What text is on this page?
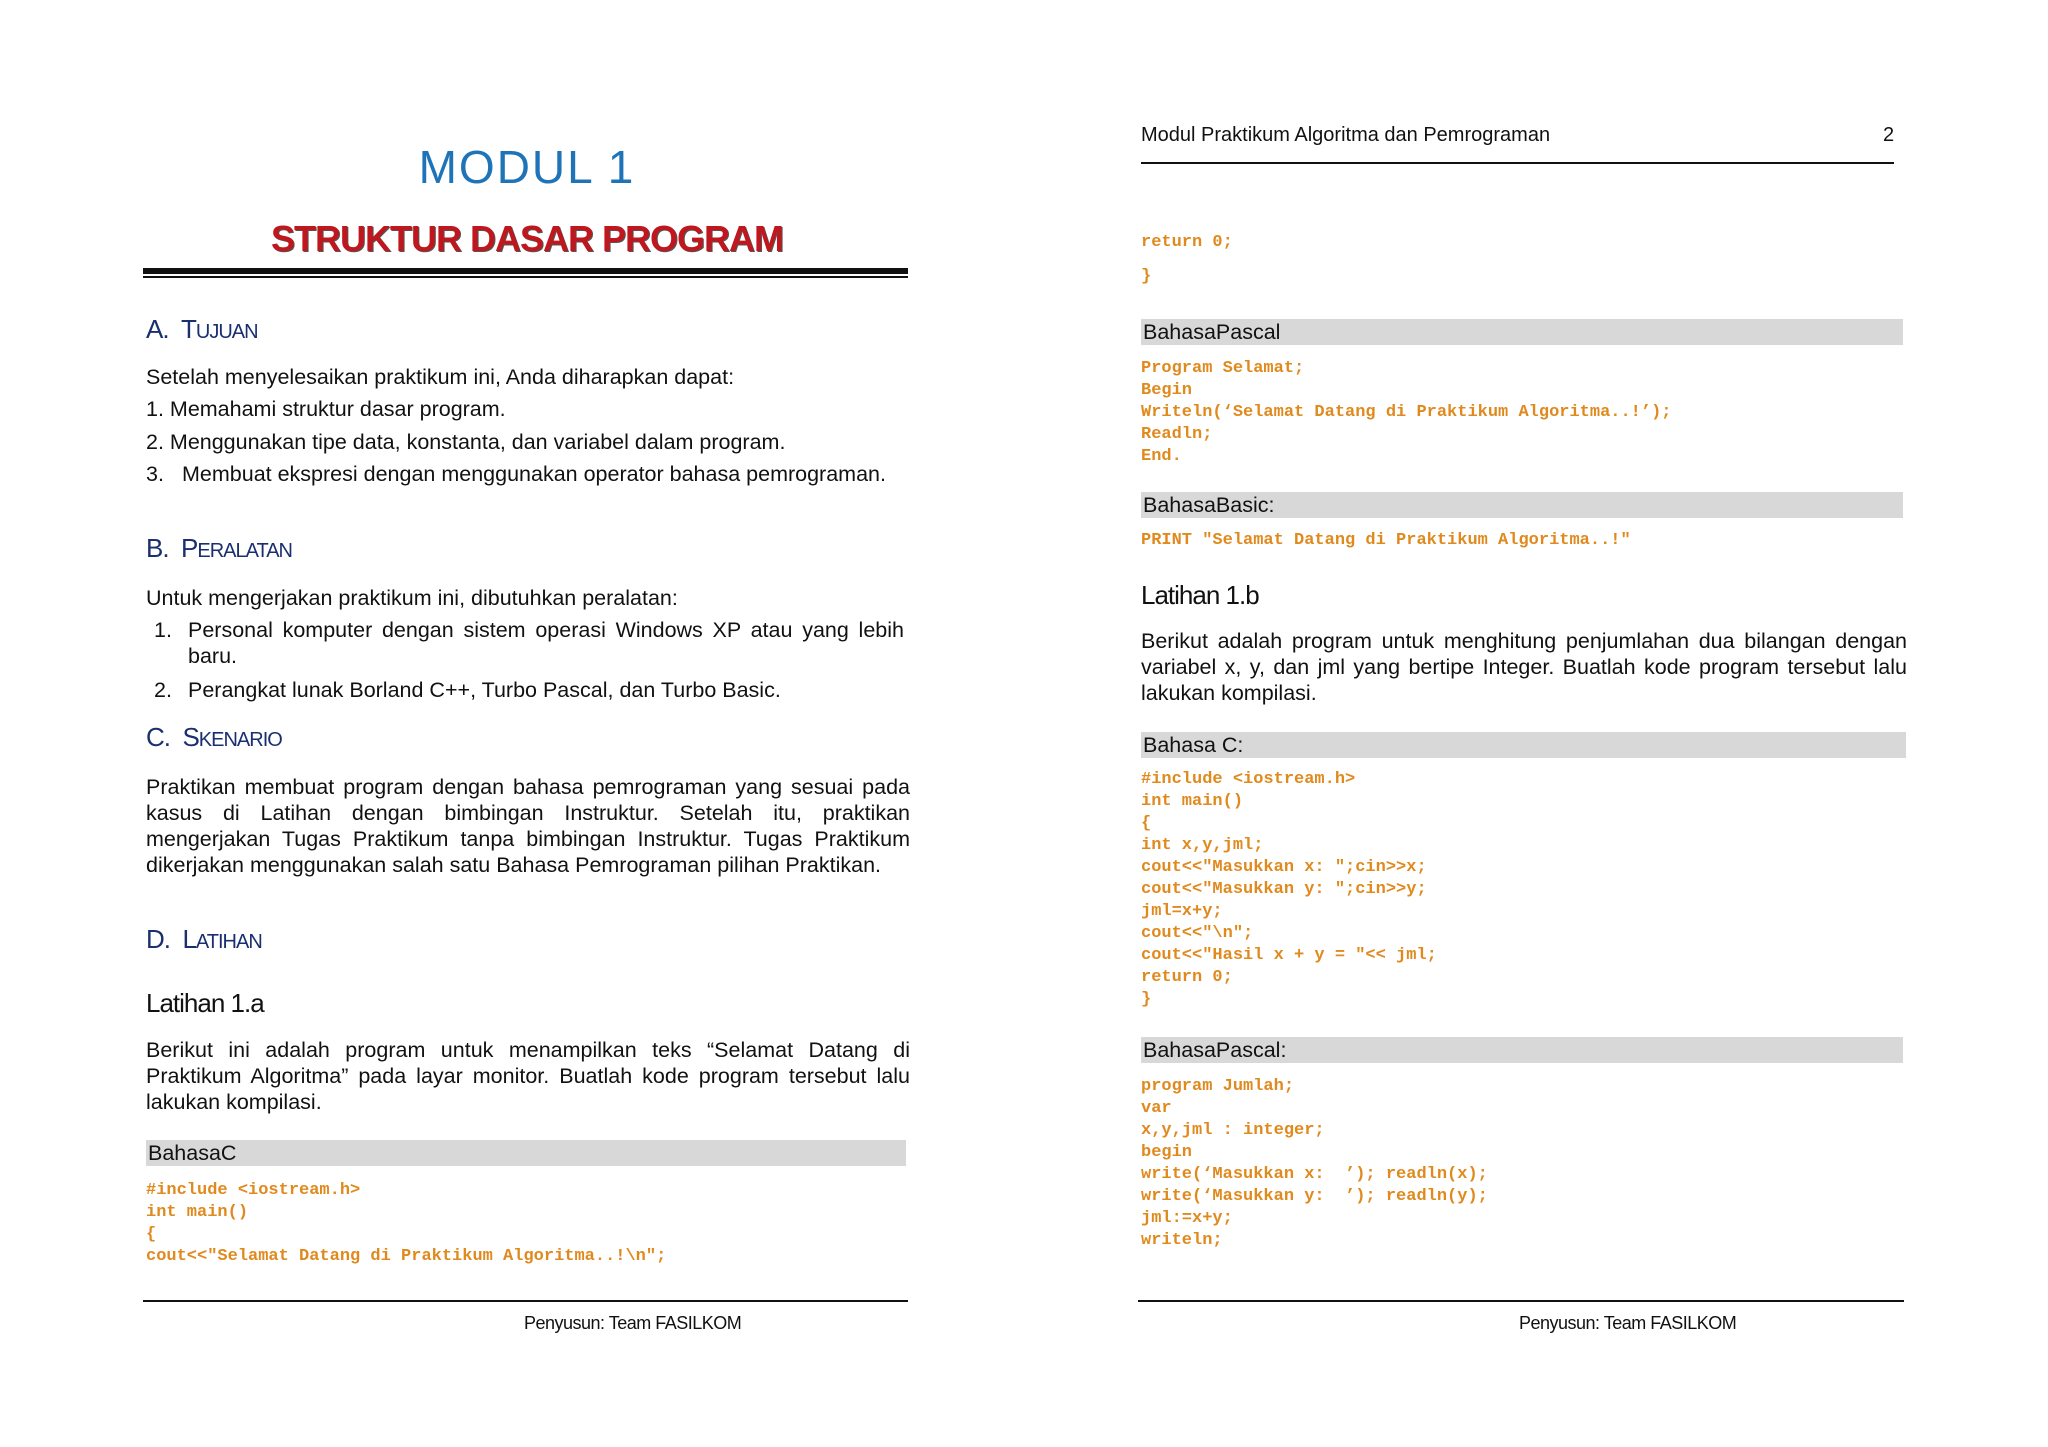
MODUL 1
STRUKTUR DASAR PROGRAM
A. TUJUAN
Setelah menyelesaikan praktikum ini, Anda diharapkan dapat:
1. Memahami struktur dasar program.
2. Menggunakan tipe data, konstanta, dan variabel dalam program.
3. Membuat ekspresi dengan menggunakan operator bahasa pemrograman.
B. PERALATAN
Untuk mengerjakan praktikum ini, dibutuhkan peralatan:
1. Personal komputer dengan sistem operasi Windows XP atau yang lebih baru.
2. Perangkat lunak Borland C++, Turbo Pascal, dan Turbo Basic.
C. SKENARIO
Praktikan membuat program dengan bahasa pemrograman yang sesuai pada kasus di Latihan dengan bimbingan Instruktur. Setelah itu, praktikan mengerjakan Tugas Praktikum tanpa bimbingan Instruktur. Tugas Praktikum dikerjakan menggunakan salah satu Bahasa Pemrograman pilihan Praktikan.
D. LATIHAN
Latihan 1.a
Berikut ini adalah program untuk menampilkan teks “Selamat Datang di Praktikum Algoritma” pada layar monitor. Buatlah kode program tersebut lalu lakukan kompilasi.
BahasaC
#include <iostream.h>
int main()
{
cout<<"Selamat Datang di Praktikum Algoritma..!\n";
Penyusun: Team FASILKOM
Modul Praktikum Algoritma dan Pemrograman	2
return 0;
}
BahasaPascal
Program Selamat;
Begin
Writeln(‘Selamat Datang di Praktikum Algoritma..!’);
Readln;
End.
BahasaBasic:
PRINT "Selamat Datang di Praktikum Algoritma..!"
Latihan 1.b
Berikut adalah program untuk menghitung penjumlahan dua bilangan dengan variabel x, y, dan jml yang bertipe Integer. Buatlah kode program tersebut lalu lakukan kompilasi.
Bahasa C:
#include <iostream.h>
int main()
{
int x,y,jml;
cout<<"Masukkan x: ";cin>>x;
cout<<"Masukkan y: ";cin>>y;
jml=x+y;
cout<<"\n";
cout<<"Hasil x + y = "<< jml;
return 0;
}
BahasaPascal:
program Jumlah;
var
x,y,jml : integer;
begin
write(‘Masukkan x:  ’); readln(x);
write(‘Masukkan y:  ’); readln(y);
jml:=x+y;
writeln;
Penyusun: Team FASILKOM
